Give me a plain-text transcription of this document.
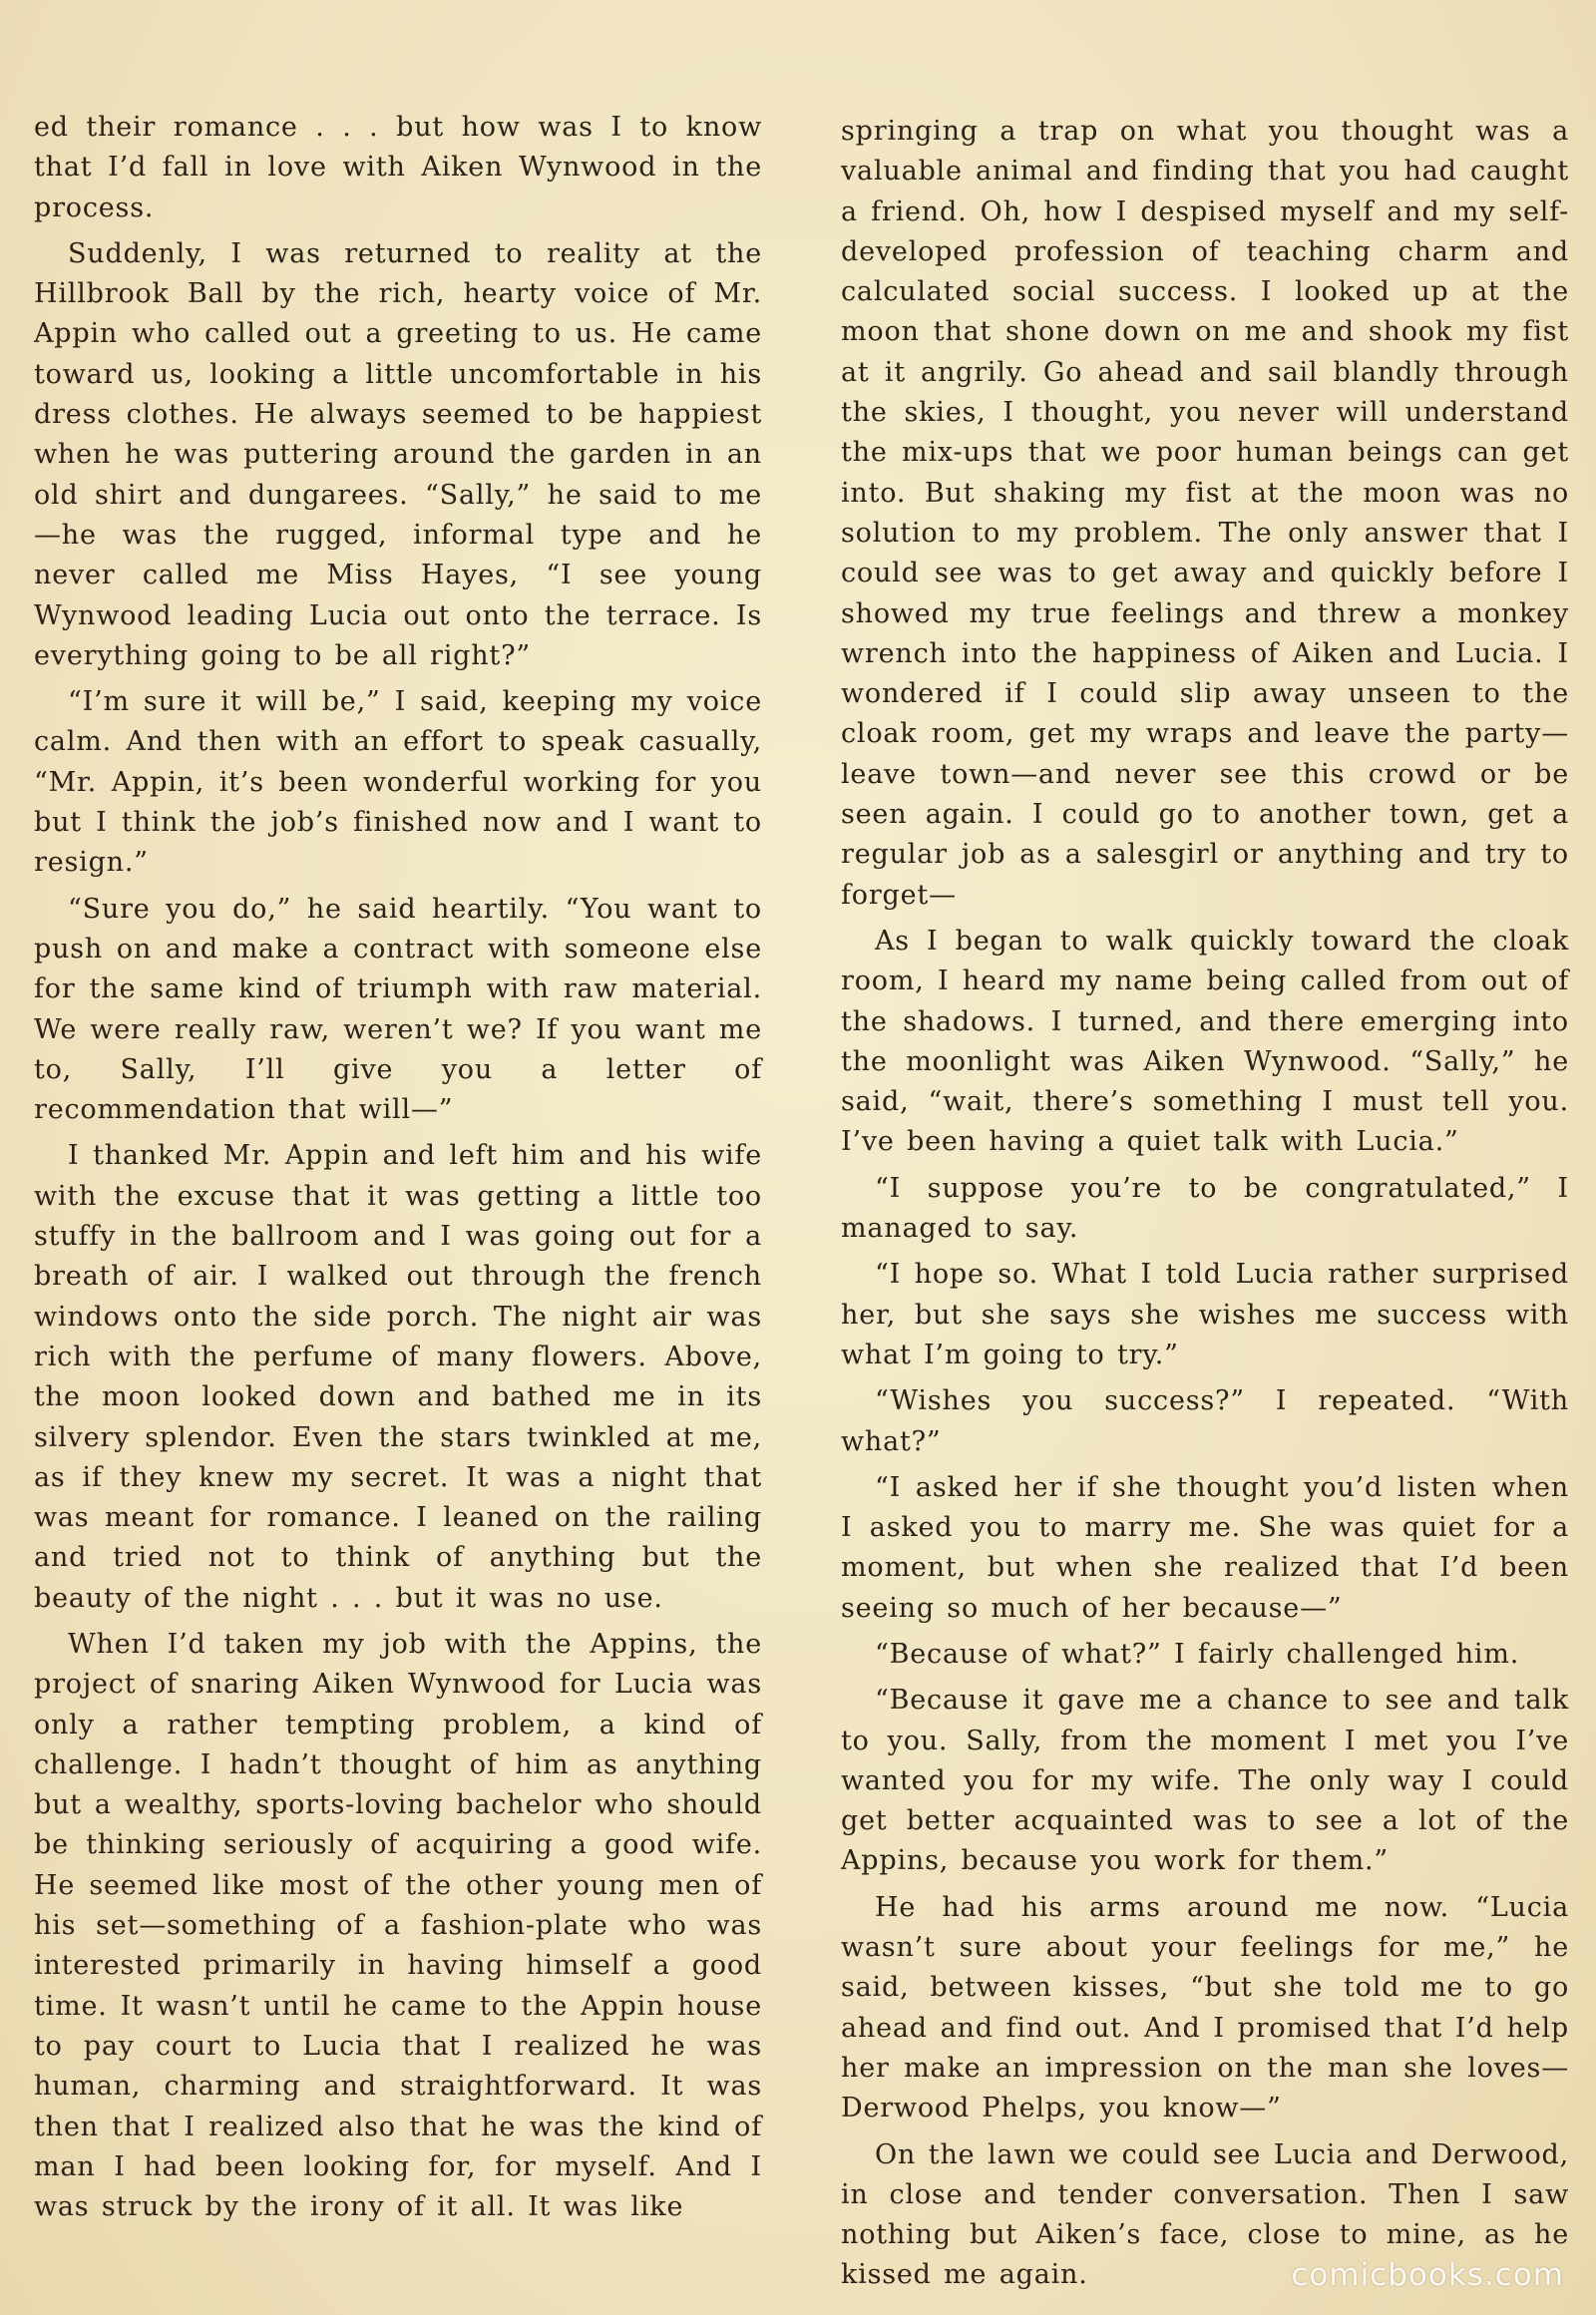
ed their romance . . . but how was I to know that I’d fall in love with Aiken Wynwood in the process.

Suddenly, I was returned to reality at the Hillbrook Ball by the rich, hearty voice of Mr. Appin who called out a greeting to us. He came toward us, looking a little uncomfortable in his dress clothes. He always seemed to be happiest when he was puttering around the garden in an old shirt and dungarees. “Sally,” he said to me —he was the rugged, informal type and he never called me Miss Hayes, “I see young Wynwood leading Lucia out onto the terrace. Is everything going to be all right?”

“I’m sure it will be,” I said, keeping my voice calm. And then with an effort to speak casually, “Mr. Appin, it’s been wonderful working for you but I think the job’s finished now and I want to resign.”

“Sure you do,” he said heartily. “You want to push on and make a contract with someone else for the same kind of triumph with raw material. We were really raw, weren’t we? If you want me to, Sally, I’ll give you a letter of recommendation that will—”

I thanked Mr. Appin and left him and his wife with the excuse that it was getting a little too stuffy in the ballroom and I was going out for a breath of air. I walked out through the french windows onto the side porch. The night air was rich with the perfume of many flowers. Above, the moon looked down and bathed me in its silvery splendor. Even the stars twinkled at me, as if they knew my secret. It was a night that was meant for romance. I leaned on the railing and tried not to think of anything but the beauty of the night . . . but it was no use.

When I’d taken my job with the Appins, the project of snaring Aiken Wynwood for Lucia was only a rather tempting problem, a kind of challenge. I hadn’t thought of him as anything but a wealthy, sports-loving bachelor who should be thinking seriously of acquiring a good wife. He seemed like most of the other young men of his set—something of a fashion-plate who was interested primarily in having himself a good time. It wasn’t until he came to the Appin house to pay court to Lucia that I realized he was human, charming and straightforward. It was then that I realized also that he was the kind of man I had been looking for, for myself. And I was struck by the irony of it all. It was like

springing a trap on what you thought was a valuable animal and finding that you had caught a friend. Oh, how I despised myself and my self-developed profession of teaching charm and calculated social success. I looked up at the moon that shone down on me and shook my fist at it angrily. Go ahead and sail blandly through the skies, I thought, you never will understand the mix-ups that we poor human beings can get into. But shaking my fist at the moon was no solution to my problem. The only answer that I could see was to get away and quickly before I showed my true feelings and threw a monkey wrench into the happiness of Aiken and Lucia. I wondered if I could slip away unseen to the cloak room, get my wraps and leave the party— leave town—and never see this crowd or be seen again. I could go to another town, get a regular job as a salesgirl or anything and try to forget—

As I began to walk quickly toward the cloak room, I heard my name being called from out of the shadows. I turned, and there emerging into the moonlight was Aiken Wynwood. “Sally,” he said, “wait, there’s something I must tell you. I’ve been having a quiet talk with Lucia.”

“I suppose you’re to be congratulated,” I managed to say.

“I hope so. What I told Lucia rather surprised her, but she says she wishes me success with what I’m going to try.”

“Wishes you success?” I repeated. “With what?”

“I asked her if she thought you’d listen when I asked you to marry me. She was quiet for a moment, but when she realized that I’d been seeing so much of her because—”

“Because of what?” I fairly challenged him.

“Because it gave me a chance to see and talk to you. Sally, from the moment I met you I’ve wanted you for my wife. The only way I could get better acquainted was to see a lot of the Appins, because you work for them.”

He had his arms around me now. “Lucia wasn’t sure about your feelings for me,” he said, between kisses, “but she told me to go ahead and find out. And I promised that I’d help her make an impression on the man she loves—Derwood Phelps, you know—”

On the lawn we could see Lucia and Derwood, in close and tender conversation. Then I saw nothing but Aiken’s face, close to mine, as he kissed me again.	comicbooks.com
